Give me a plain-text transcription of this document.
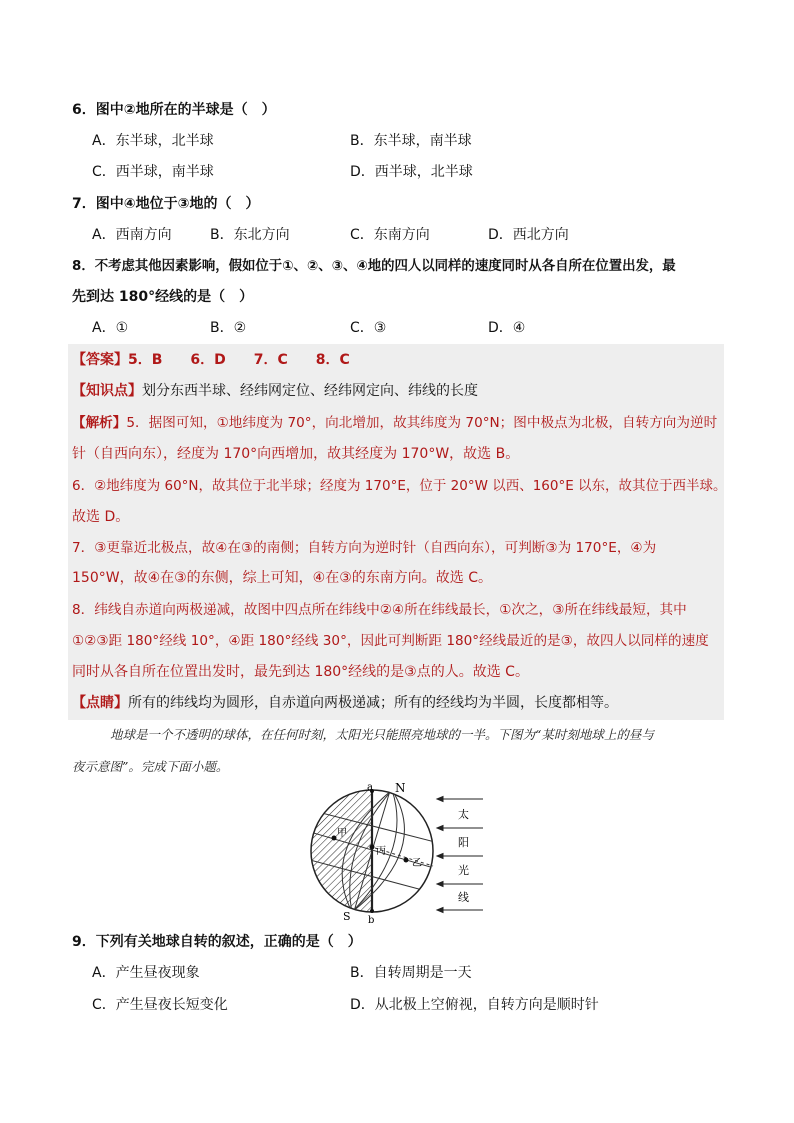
6．图中②地所在的半球是（　）
A．东半球，北半球	B．东半球，南半球
C．西半球，南半球	D．西半球，北半球
7．图中④地位于③地的（　）
A．西南方向	B．东北方向	C．东南方向	D．西北方向
8．不考虑其他因素影响，假如位于①、②、③、④地的四人以同样的速度同时从各自所在位置出发，最
先到达 180°经线的是（　）
A．①	B．②	C．③	D．④
【答案】5．B　　6．D　　7．C　　8．C
【知识点】划分东西半球、经纬网定位、经纬网定向、纬线的长度
【解析】5．据图可知，①地纬度为 70°，向北增加，故其纬度为 70°N；图中极点为北极，自转方向为逆时
针（自西向东），经度为 170°向西增加，故其经度为 170°W，故选 B。
6．②地纬度为 60°N，故其位于北半球；经度为 170°E，位于 20°W 以西、160°E 以东，故其位于西半球。
故选 D。
7．③更靠近北极点，故④在③的南侧；自转方向为逆时针（自西向东），可判断③为 170°E，④为
150°W，故④在③的东侧，综上可知，④在③的东南方向。故选 C。
8．纬线自赤道向两极递减，故图中四点所在纬线中②④所在纬线最长，①次之，③所在纬线最短，其中
①②③距 180°经线 10°，④距 180°经线 30°，因此可判断距 180°经线最近的是③，故四人以同样的速度
同时从各自所在位置出发时，最先到达 180°经线的是③点的人。故选 C。
【点睛】所有的纬线均为圆形，自赤道向两极递减；所有的经线均为半圆，长度都相等。
地球是一个不透明的球体，在任何时刻，太阳光只能照亮地球的一半。下图为“某时刻地球上的昼与
夜示意图”。完成下面小题。
a N
S b
甲
丙
乙
太
阳
光
线
9．下列有关地球自转的叙述，正确的是（　）
A．产生昼夜现象	B．自转周期是一天
C．产生昼夜长短变化	D．从北极上空俯视，自转方向是顺时针
